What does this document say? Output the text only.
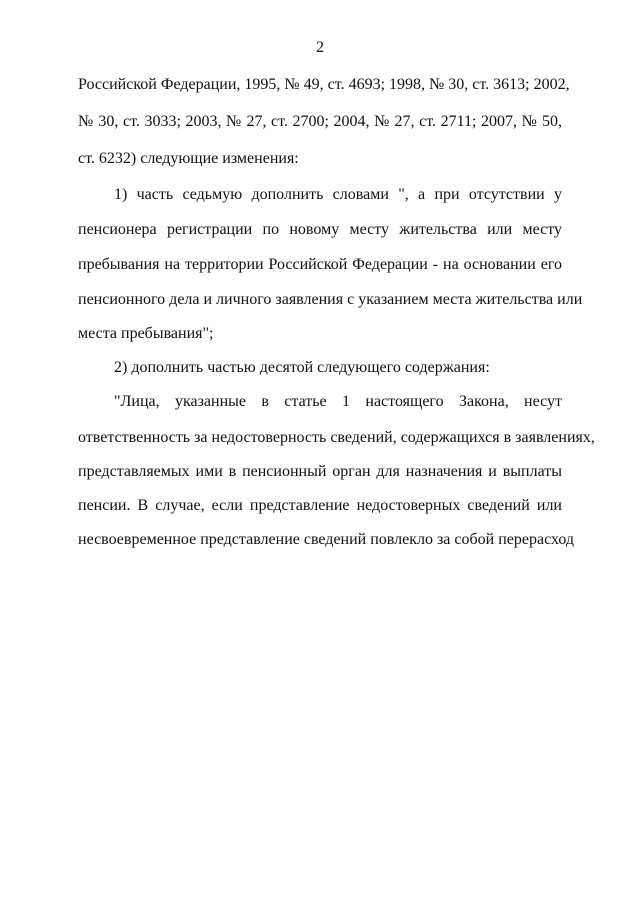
2
Российской Федерации, 1995, № 49, ст. 4693; 1998, № 30, ст. 3613; 2002,
№ 30, ст. 3033; 2003, № 27, ст. 2700; 2004, № 27, ст. 2711; 2007, № 50,
ст. 6232) следующие изменения:
1) часть седьмую дополнить словами ", а при отсутствии у
пенсионера регистрации по новому месту жительства или месту
пребывания на территории Российской Федерации - на основании его
пенсионного дела и личного заявления с указанием места жительства или
места пребывания";
2) дополнить частью десятой следующего содержания:
"Лица, указанные в статье 1 настоящего Закона, несут
ответственность за недостоверность сведений, содержащихся в заявлениях,
представляемых ими в пенсионный орган для назначения и выплаты
пенсии. В случае, если представление недостоверных сведений или
несвоевременное представление сведений повлекло за собой перерасход
